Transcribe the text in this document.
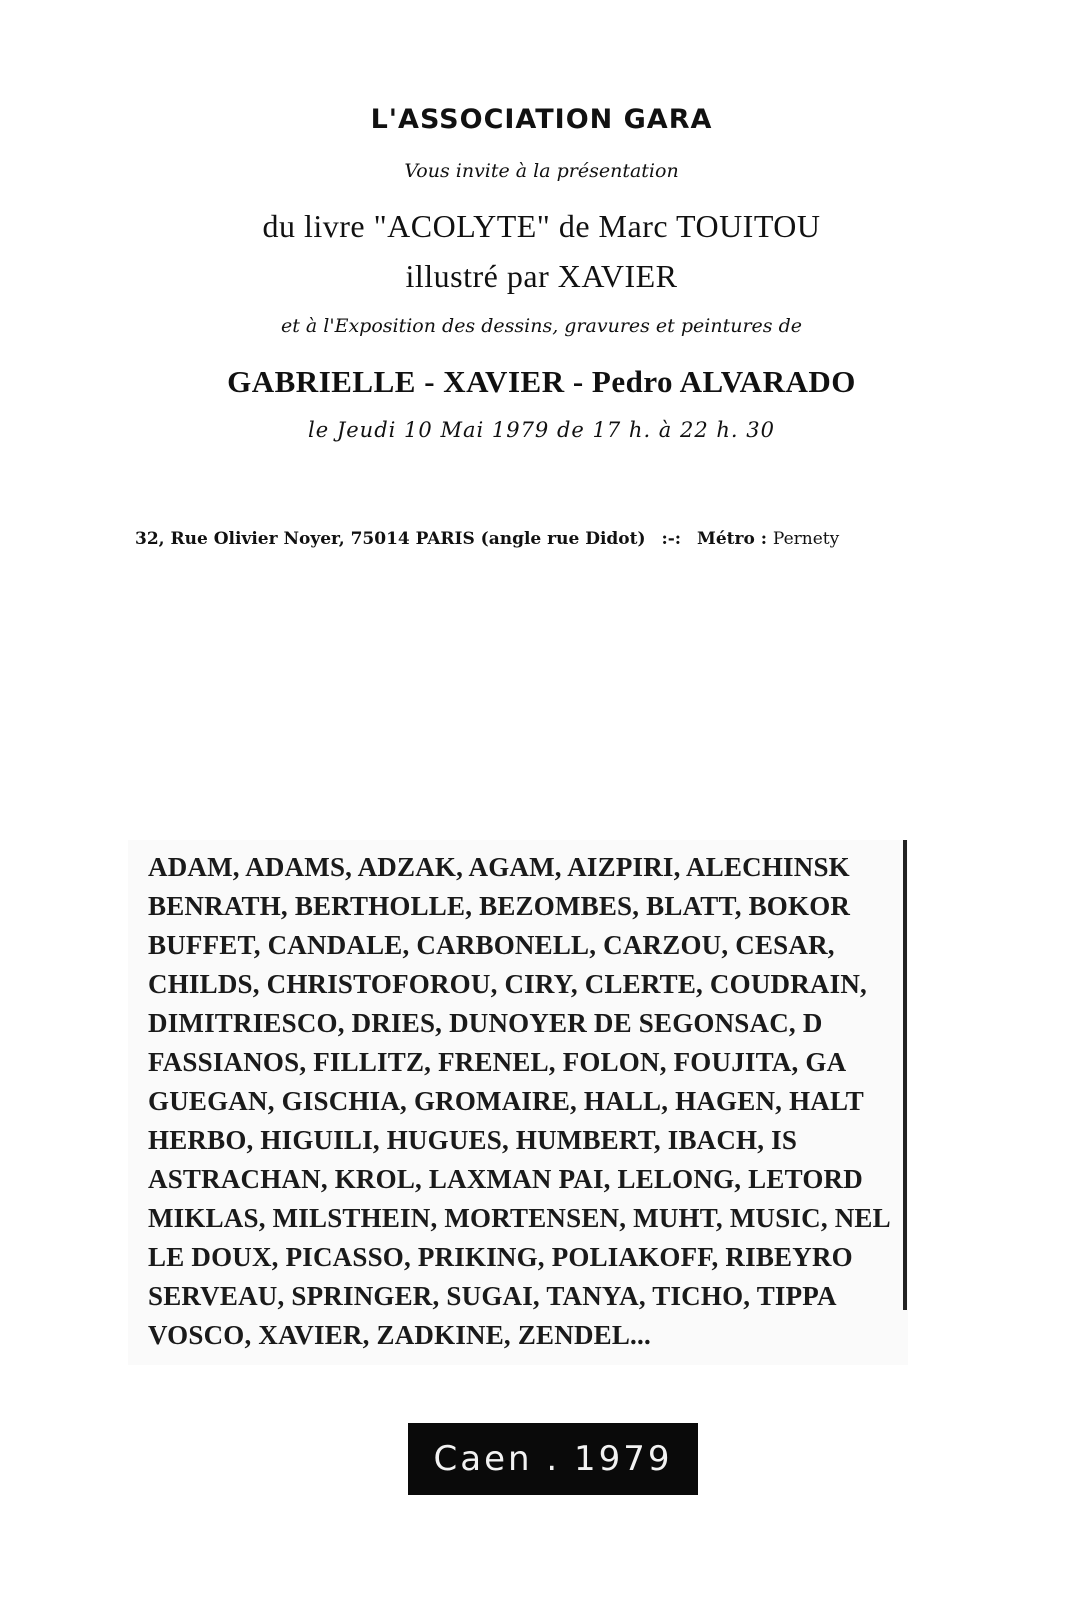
L'ASSOCIATION GARA
Vous invite à la présentation
du livre "ACOLYTE" de Marc TOUITOU
illustré par XAVIER
et à l'Exposition des dessins, gravures et peintures de
GABRIELLE - XAVIER - Pedro ALVARADO
le Jeudi 10 Mai 1979 de 17 h. à 22 h. 30
32, Rue Olivier Noyer, 75014 PARIS (angle rue Didot) :-: Métro : Pernety
ADAM, ADAMS, ADZAK, AGAM, AIZPIRI, ALECHINSK
BENRATH, BERTHOLLE, BEZOMBES, BLATT, BOKOR
BUFFET, CANDALE, CARBONELL, CARZOU, CESAR,
CHILDS, CHRISTOFOROU, CIRY, CLERTE, COUDRAIN,
DIMITRIESCO, DRIES, DUNOYER DE SEGONSAC, D
FASSIANOS, FILLITZ, FRENEL, FOLON, FOUJITA, GA
GUEGAN, GISCHIA, GROMAIRE, HALL, HAGEN, HALT
HERBO, HIGUILI, HUGUES, HUMBERT, IBACH, IS
ASTRACHAN, KROL, LAXMAN PAI, LELONG, LETORD
MIKLAS, MILSTHEIN, MORTENSEN, MUHT, MUSIC, NEL
LE DOUX, PICASSO, PRIKING, POLIAKOFF, RIBEYRO
SERVEAU, SPRINGER, SUGAI, TANYA, TICHO, TIPPA
VOSCO, XAVIER, ZADKINE, ZENDEL...
Caen . 1979
